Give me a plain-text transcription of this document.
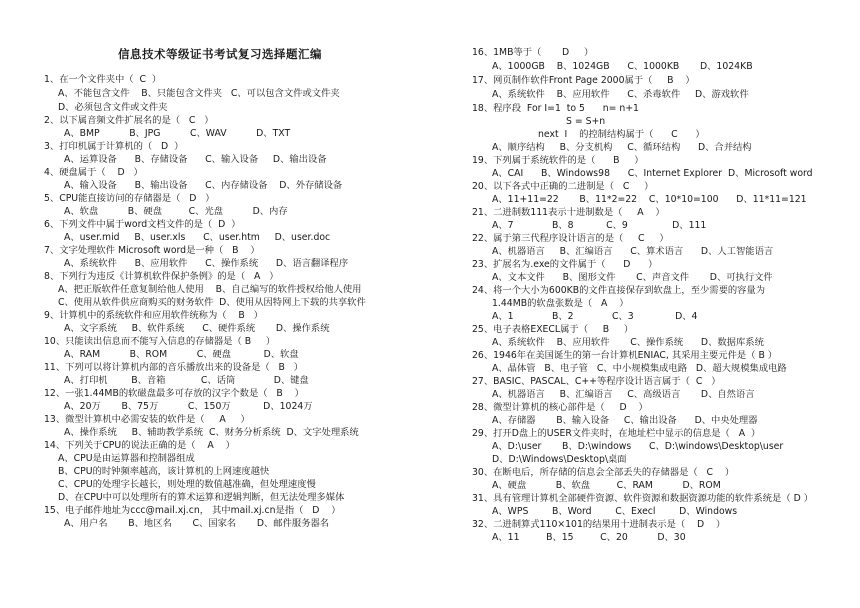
信息技术等级证书考试复习选择题汇编
1、在一个文件夹中（  C  ）
A、不能包含文件    B、只能包含文件夹   C、可以包含文件或文件夹
D、必须包含文件或文件夹
2、以下属音频文件扩展名的是（   C   ）
A、BMP          B、JPG          C、WAV          D、TXT
3、打印机属于计算机的（   D  ）
A、运算设备      B、存储设备      C、输入设备     D、输出设备
4、硬盘属于（    D   ）
A、输入设备      B、输出设备      C、内存储设备    D、外存储设备
5、CPU能直接访问的存储器是（   D   ）
A、软盘          B、硬盘         C、光盘          D、内存
6、下列文件中属于word文档文件的是（  D  ）
A、user.mid     B、user.xls      C、user.htm     D、user.doc
7、文字处理软件 Microsoft word是一种（   B    ）
A、系统软件      B、应用软件      C、操作系统      D、语言翻译程序
8、下列行为违反《计算机软件保护条例》的是（   A   ）
A、把正版软件任意复制给他人使用    B、自己编写的软件授权给他人使用
C、使用从软件供应商购买的财务软件  D、使用从因特网上下载的共享软件
9、计算机中的系统软件和应用软件统称为（    B   ）
A、文字系统     B、软件系统      C、硬件系统       D、操作系统
10、只能读出信息而不能写入信息的存储器是（ B     ）
A、RAM          B、ROM          C、硬盘           D、软盘
11、下列可以将计算机内部的音乐播放出来的设备是（   B   ）
A、打印机        B、音箱            C、话筒             D、键盘
12、一张1.44MB的软磁盘最多可存放的汉字个数是（   B    ）
A、20万       B、75万          C、150万           D、1024万
13、微型计算机中必需安装的软件是（     A     ）
A、操作系统     B、辅助教学系统  C、财务分析系统  D、文字处理系统
14、下列关于CPU的说法正确的是（    A    ）
A、CPU是由运算器和控制器组成
B、CPU的时钟频率越高，该计算机的上网速度越快
C、CPU的处理字长越长，则处理的数值越准确，但处理速度慢
D、在CPU中可以处理所有的算术运算和逻辑判断，但无法处理多媒体
15、电子邮件地址为ccc@mail.xj.cn， 其中mail.xj.cn是指（   D    ）
A、用户名       B、地区名       C、国家名       D、邮件服务器名
16、1MB等于（       D     ）
A、1000GB    B、1024GB      C、1000KB       D、1024KB
17、网页制作软件Front Page 2000属于（     B    ）
A、系统软件    B、应用软件      C、杀毒软件     D、游戏软件
18、程序段  For I=1  to 5      n= n+1
S = S+n
next  I    的控制结构属于（      C      ）
A、顺序结构     B、分支机构     C、循环结构      D、合并结构
19、下列属于系统软件的是（      B     ）
A、CAI      B、Windows98      C、Internet Explorer  D、Microsoft word
20、以下各式中正确的二进制是（   C     ）
A、11+11=22       B、11*2=22    C、10*10=100      D、11*11=121
21、二进制数111表示十进制数是（     A    ）
A、7             B、8           C、9               D、111
22、属于第三代程序设计语言的是（     C     ）
A、机器语言     B、汇编语言      C、算术语言      D、人工智能语言
23、扩展名为.exe的文件属于（      D      ）
A、文本文件      B、图形文件       C、声音文件       D、可执行文件
24、将一个大小为600KB的文件直接保存到软盘上，至少需要的容量为
1.44MB的软盘张数是（   A    ）
A、1             B、2             C、3              D、4
25、电子表格EXECL属于（     B     ）
A、系统软件    B、应用软件       C、操作系统      D、数据库系统
26、1946年在美国诞生的第一台计算机ENIAC, 其采用主要元件是（ B ）
A、晶体管   B、电子管   C、中小规模集成电路   D、超大规模集成电路
27、BASIC、PASCAL、C++等程序设计语言属于（  C   ）
A、机器语言     B、汇编语言     C、高级语言       D、自然语言
28、微型计算机的核心部件是（     D    ）
A、存储器       B、输入设备     C、输出设备      D、中央处理器
29、打开D盘上的USER文件夹时，在地址栏中显示的信息是（   A  ）
A、D:\user       B、D:\windows      C、D:\windows\Desktop\user
D、D:\Windows\Desktop\桌面
30、在断电后，所存储的信息会全部丢失的存储器是（   C    ）
A、硬盘          B、软盘         C、RAM          D、ROM
31、具有管理计算机全部硬件资源、软件资源和数据资源功能的软件系统是（ D ）
A、WPS        B、Word        C、Execl        D、Windows
32、二进制算式110×101的结果用十进制表示是（    D    ）
A、11         B、15         C、20          D、30
